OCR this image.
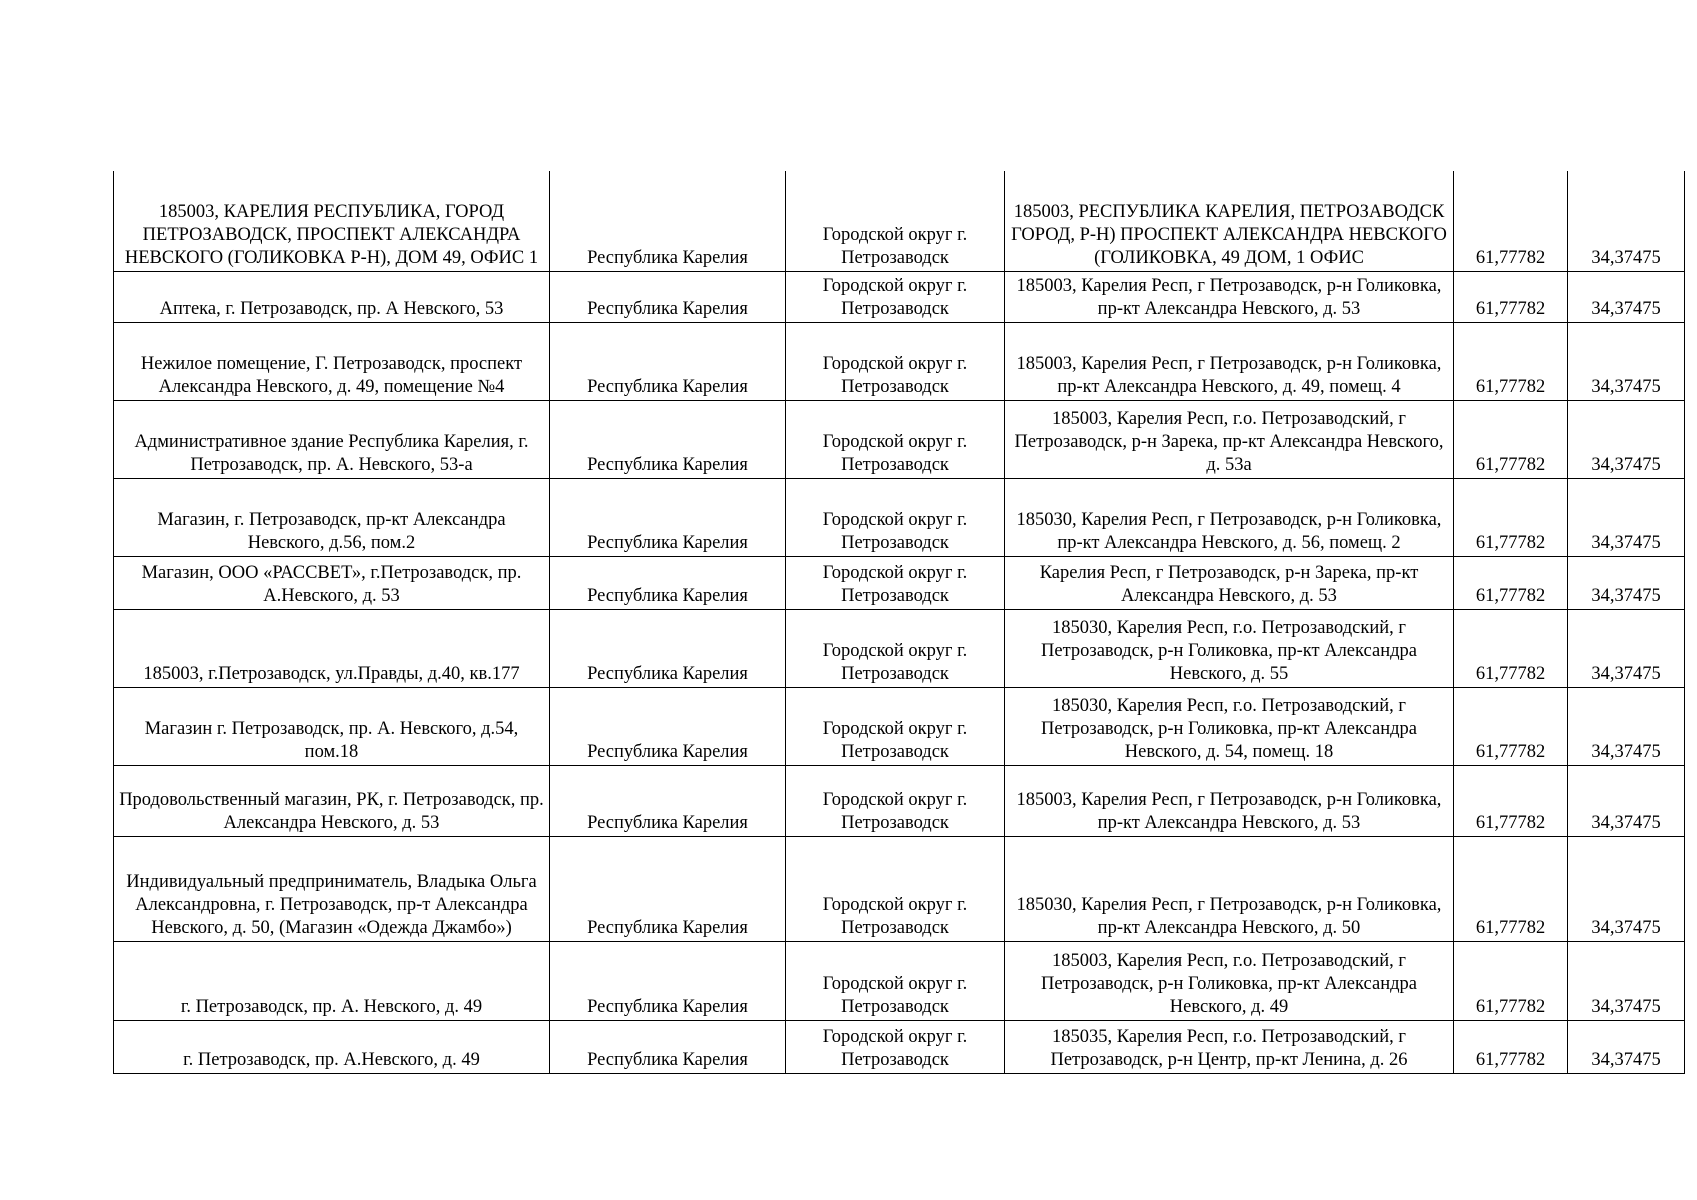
185003, КАРЕЛИЯ РЕСПУБЛИКА, ГОРОД ПЕТРОЗАВОДСК, ПРОСПЕКТ АЛЕКСАНДРА НЕВСКОГО (ГОЛИКОВКА Р-Н), ДОМ 49, ОФИС 1	Республика Карелия	Городской округ г. Петрозаводск	185003, РЕСПУБЛИКА КАРЕЛИЯ, ПЕТРОЗАВОДСК ГОРОД, Р-Н) ПРОСПЕКТ АЛЕКСАНДРА НЕВСКОГО (ГОЛИКОВКА, 49 ДОМ, 1 ОФИС	61,77782	34,37475
Аптека, г. Петрозаводск, пр. А Невского, 53	Республика Карелия	Городской округ г. Петрозаводск	185003, Карелия Респ, г Петрозаводск, р-н Голиковка, пр-кт Александра Невского, д. 53	61,77782	34,37475
Нежилое помещение, Г. Петрозаводск, проспект Александра Невского, д. 49, помещение №4	Республика Карелия	Городской округ г. Петрозаводск	185003, Карелия Респ, г Петрозаводск, р-н Голиковка, пр-кт Александра Невского, д. 49, помещ. 4	61,77782	34,37475
Административное здание Республика Карелия, г. Петрозаводск, пр. А. Невского, 53-а	Республика Карелия	Городской округ г. Петрозаводск	185003, Карелия Респ, г.о. Петрозаводский, г Петрозаводск, р-н Зарека, пр-кт Александра Невского, д. 53а	61,77782	34,37475
Магазин, г. Петрозаводск, пр-кт Александра Невского, д.56, пом.2	Республика Карелия	Городской округ г. Петрозаводск	185030, Карелия Респ, г Петрозаводск, р-н Голиковка, пр-кт Александра Невского, д. 56, помещ. 2	61,77782	34,37475
Магазин, ООО «РАССВЕТ», г.Петрозаводск, пр. А.Невского, д. 53	Республика Карелия	Городской округ г. Петрозаводск	Карелия Респ, г Петрозаводск, р-н Зарека, пр-кт Александра Невского, д. 53	61,77782	34,37475
185003, г.Петрозаводск, ул.Правды, д.40, кв.177	Республика Карелия	Городской округ г. Петрозаводск	185030, Карелия Респ, г.о. Петрозаводский, г Петрозаводск, р-н Голиковка, пр-кт Александра Невского, д. 55	61,77782	34,37475
Магазин г. Петрозаводск, пр. А. Невского, д.54, пом.18	Республика Карелия	Городской округ г. Петрозаводск	185030, Карелия Респ, г.о. Петрозаводский, г Петрозаводск, р-н Голиковка, пр-кт Александра Невского, д. 54, помещ. 18	61,77782	34,37475
Продовольственный магазин, РК, г. Петрозаводск, пр. Александра Невского, д. 53	Республика Карелия	Городской округ г. Петрозаводск	185003, Карелия Респ, г Петрозаводск, р-н Голиковка, пр-кт Александра Невского, д. 53	61,77782	34,37475
Индивидуальный предприниматель, Владыка Ольга Александровна, г. Петрозаводск, пр-т Александра Невского, д. 50, (Магазин «Одежда Джамбо»)	Республика Карелия	Городской округ г. Петрозаводск	185030, Карелия Респ, г Петрозаводск, р-н Голиковка, пр-кт Александра Невского, д. 50	61,77782	34,37475
г. Петрозаводск, пр. А. Невского, д. 49	Республика Карелия	Городской округ г. Петрозаводск	185003, Карелия Респ, г.о. Петрозаводский, г Петрозаводск, р-н Голиковка, пр-кт Александра Невского, д. 49	61,77782	34,37475
г. Петрозаводск, пр. А.Невского, д. 49	Республика Карелия	Городской округ г. Петрозаводск	185035, Карелия Респ, г.о. Петрозаводский, г Петрозаводск, р-н Центр, пр-кт Ленина, д. 26	61,77782	34,37475
